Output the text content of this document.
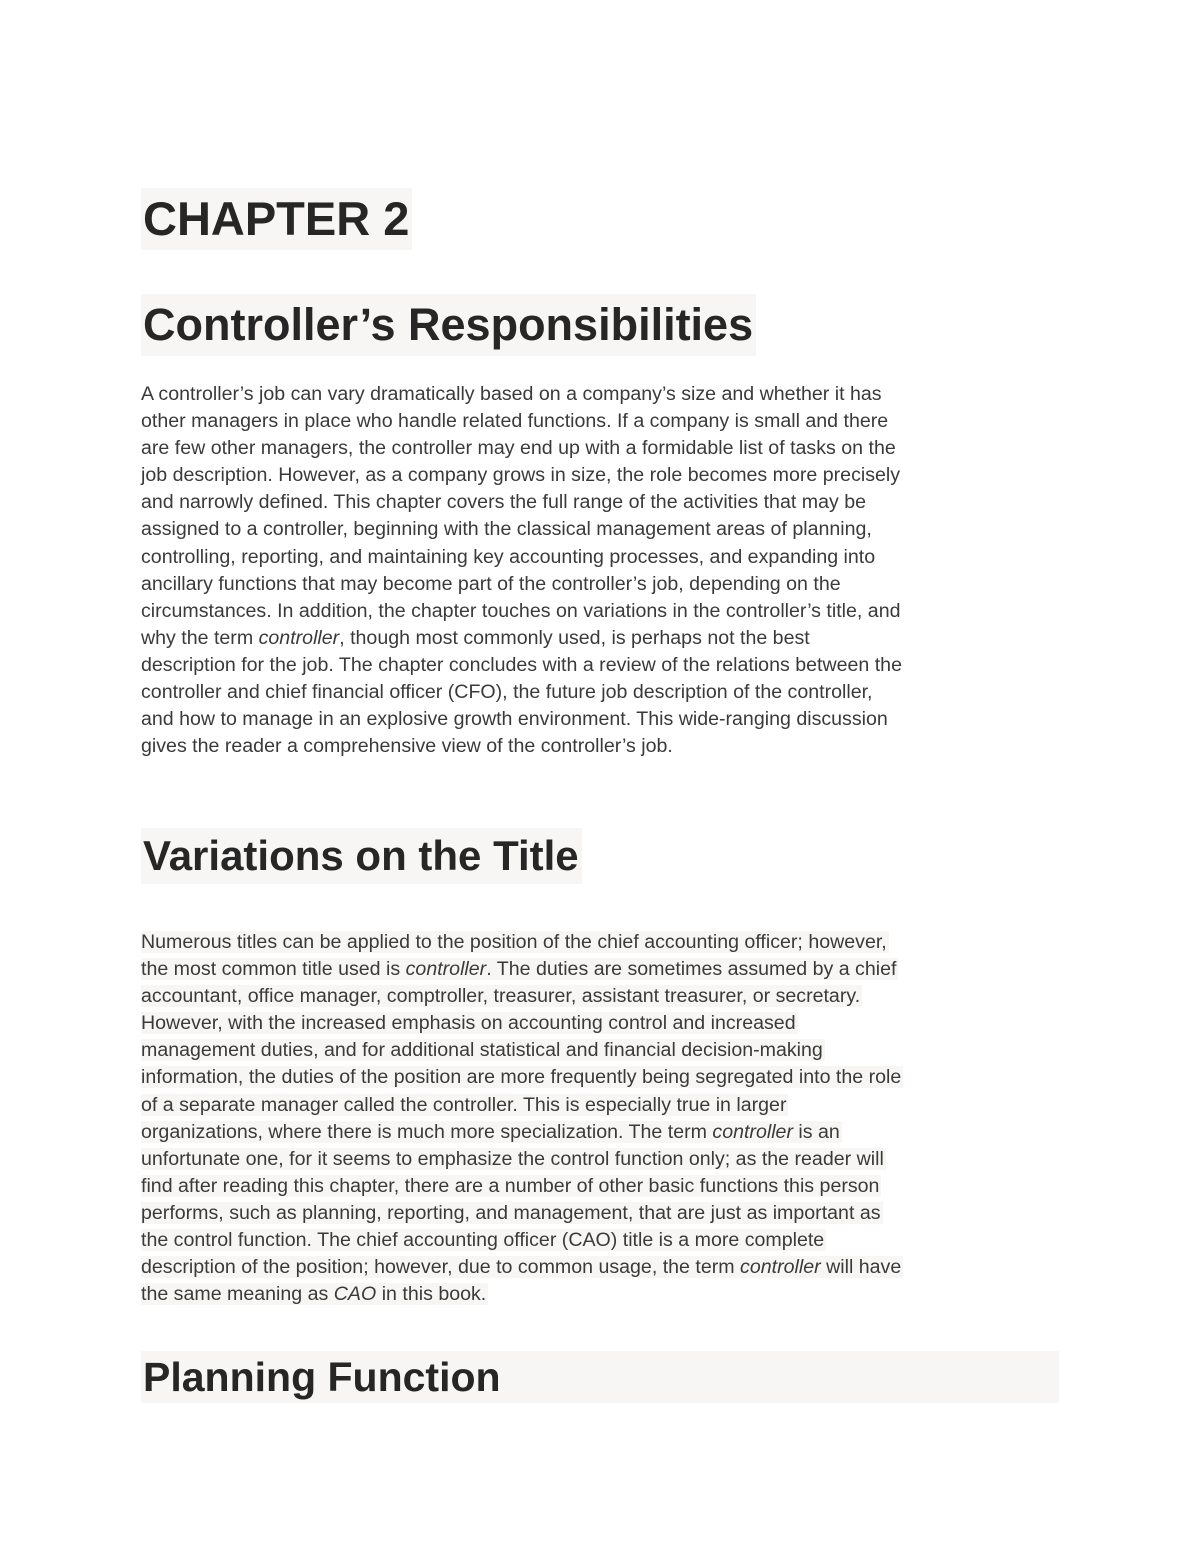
CHAPTER 2
Controller’s Responsibilities
A controller’s job can vary dramatically based on a company’s size and whether it has
other managers in place who handle related functions. If a company is small and there
are few other managers, the controller may end up with a formidable list of tasks on the
job description. However, as a company grows in size, the role becomes more precisely
and narrowly defined. This chapter covers the full range of the activities that may be
assigned to a controller, beginning with the classical management areas of planning,
controlling, reporting, and maintaining key accounting processes, and expanding into
ancillary functions that may become part of the controller’s job, depending on the
circumstances. In addition, the chapter touches on variations in the controller’s title, and
why the term controller, though most commonly used, is perhaps not the best
description for the job. The chapter concludes with a review of the relations between the
controller and chief financial officer (CFO), the future job description of the controller,
and how to manage in an explosive growth environment. This wide-ranging discussion
gives the reader a comprehensive view of the controller’s job.
Variations on the Title
Numerous titles can be applied to the position of the chief accounting officer; however,
the most common title used is controller. The duties are sometimes assumed by a chief
accountant, office manager, comptroller, treasurer, assistant treasurer, or secretary.
However, with the increased emphasis on accounting control and increased
management duties, and for additional statistical and financial decision-making
information, the duties of the position are more frequently being segregated into the role
of a separate manager called the controller. This is especially true in larger
organizations, where there is much more specialization. The term controller is an
unfortunate one, for it seems to emphasize the control function only; as the reader will
find after reading this chapter, there are a number of other basic functions this person
performs, such as planning, reporting, and management, that are just as important as
the control function. The chief accounting officer (CAO) title is a more complete
description of the position; however, due to common usage, the term controller will have
the same meaning as CAO in this book.
Planning Function
